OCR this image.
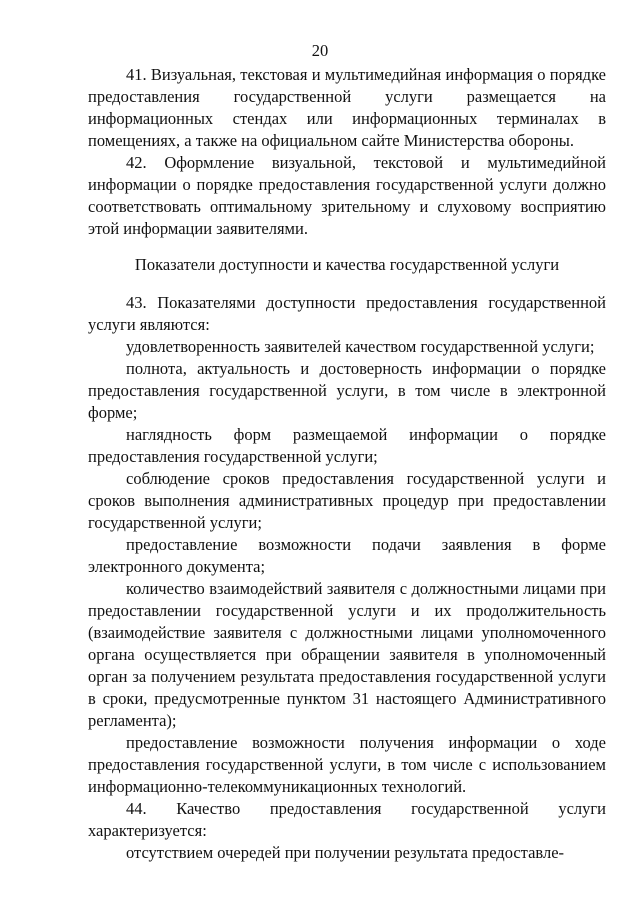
20

41. Визуальная, текстовая и мультимедийная информация о порядке предоставления государственной услуги размещается на информационных стендах или информационных терминалах в помещениях, а также на официальном сайте Министерства обороны.

42. Оформление визуальной, текстовой и мультимедийной информации о порядке предоставления государственной услуги должно соответствовать оптимальному зрительному и слуховому восприятию этой информации заявителями.

Показатели доступности и качества государственной услуги

43. Показателями доступности предоставления государственной услуги являются:

удовлетворенность заявителей качеством государственной услуги;

полнота, актуальность и достоверность информации о порядке предоставления государственной услуги, в том числе в электронной форме;

наглядность форм размещаемой информации о порядке предоставления государственной услуги;

соблюдение сроков предоставления государственной услуги и сроков выполнения административных процедур при предоставлении государственной услуги;

предоставление возможности подачи заявления в форме электронного документа;

количество взаимодействий заявителя с должностными лицами при предоставлении государственной услуги и их продолжительность (взаимодействие заявителя с должностными лицами уполномоченного органа осуществляется при обращении заявителя в уполномоченный орган за получением результата предоставления государственной услуги в сроки, предусмотренные пунктом 31 настоящего Административного регламента);

предоставление возможности получения информации о ходе предоставления государственной услуги, в том числе с использованием информационно-телекоммуникационных технологий.

44. Качество предоставления государственной услуги характеризуется:

отсутствием очередей при получении результата предоставле-
